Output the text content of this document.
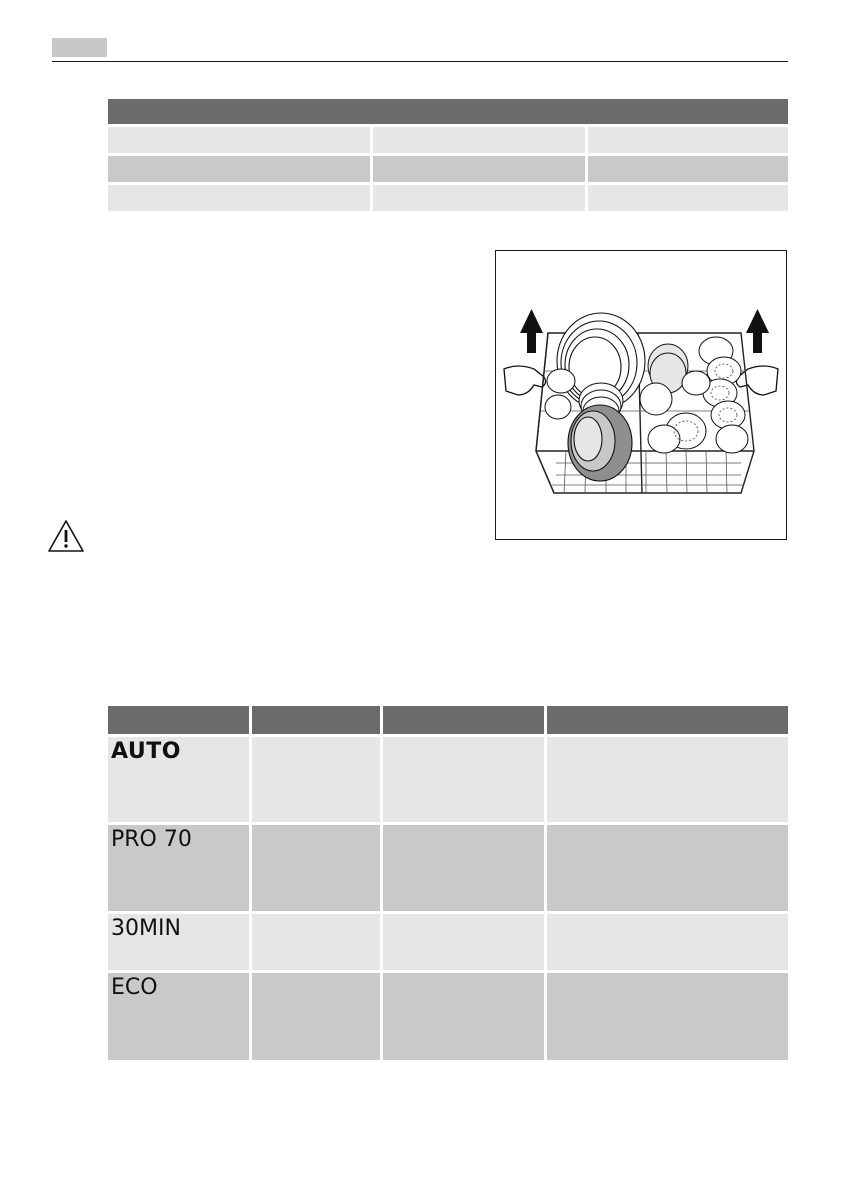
AUTO			
PRO 70			
30MIN			
ECO			
